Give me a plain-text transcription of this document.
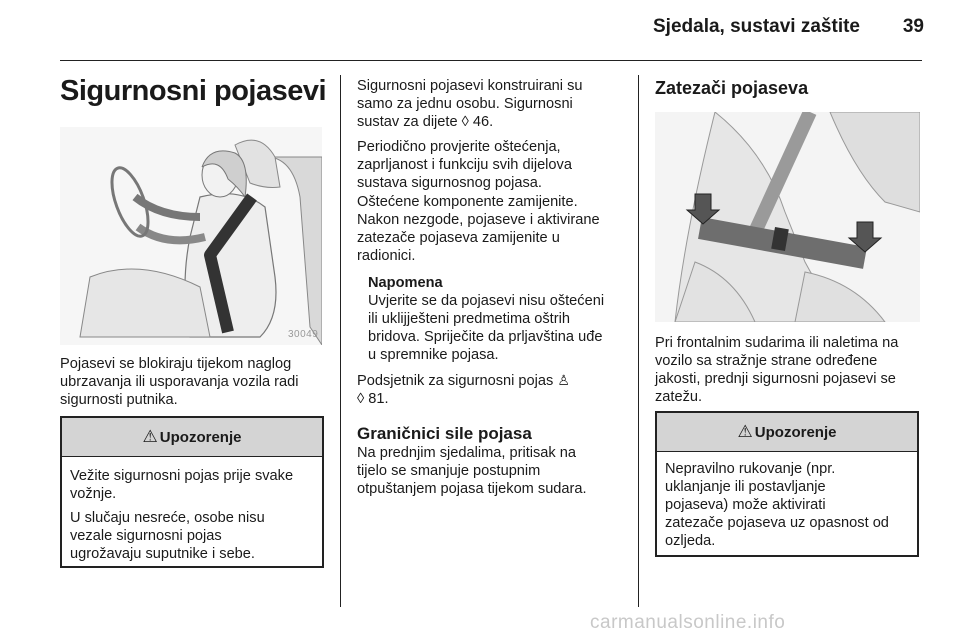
Sjedala, sustavi zaštite	39
Sigurnosni pojasevi
30049
Pojasevi se blokiraju tijekom naglog
ubrzavanja ili usporavanja vozila radi
sigurnosti putnika.
⚠ Upozorenje
Vežite sigurnosni pojas prije svake
vožnje.
U slučaju nesreće, osobe nisu
vezale sigurnosni pojas
ugrožavaju suputnike i sebe.
Sigurnosni pojasevi konstruirani su
samo za jednu osobu. Sigurnosni
sustav za dijete ◊ 46.
Periodično provjerite oštećenja,
zaprljanost i funkciju svih dijelova
sustava sigurnosnog pojasa.
Oštećene komponente zamijenite.
Nakon nezgode, pojaseve i aktivirane
zatezače pojaseva zamijenite u
radionici.
Napomena
Uvjerite se da pojasevi nisu oštećeni
ili uklijješteni predmetima oštrih
bridova. Spriječite da prljavština uđe
u spremnike pojasa.
Podsjetnik za sigurnosni pojas ♙
◊ 81.
Graničnici sile pojasa
Na prednjim sjedalima, pritisak na
tijelo se smanjuje postupnim
otpuštanjem pojasa tijekom sudara.
Zatezači pojaseva
Pri frontalnim sudarima ili naletima na
vozilo sa stražnje strane određene
jakosti, prednji sigurnosni pojasevi se
zatežu.
⚠ Upozorenje
Nepravilno rukovanje (npr.
uklanjanje ili postavljanje
pojaseva) može aktivirati
zatezače pojaseva uz opasnost od
ozljeda.
carmanualsonline.info
